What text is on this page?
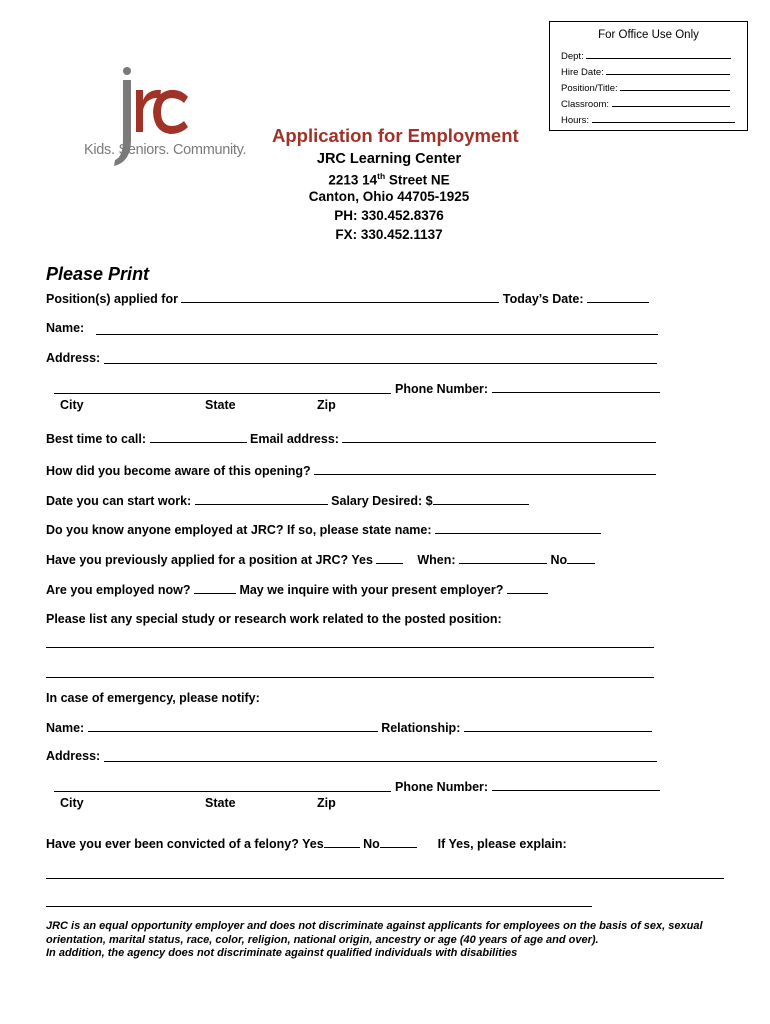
For Office Use Only
Dept:
Hire Date:
Position/Title:
Classroom:
Hours:
Kids. Seniors. Community.
Application for Employment
JRC Learning Center
2213 14th Street NE
Canton, Ohio 44705-1925
PH: 330.452.8376
FX: 330.452.1137
Please Print
Position(s) applied for	Today’s Date:
Name:
Address:
Phone Number:
City	State	Zip
Best time to call:	Email address:
How did you become aware of this opening?
Date you can start work:	Salary Desired: $
Do you know anyone employed at JRC? If so, please state name:
Have you previously applied for a position at JRC? Yes	When:	No
Are you employed now?	May we inquire with your present employer?
Please list any special study or research work related to the posted position:
In case of emergency, please notify:
Name:	Relationship:
Address:
Phone Number:
City	State	Zip
Have you ever been convicted of a felony? Yes	No	If Yes, please explain:
JRC is an equal opportunity employer and does not discriminate against applicants for employees on the basis of sex, sexual
orientation, marital status, race, color, religion, national origin, ancestry or age (40 years of age and over).
In addition, the agency does not discriminate against qualified individuals with disabilities
